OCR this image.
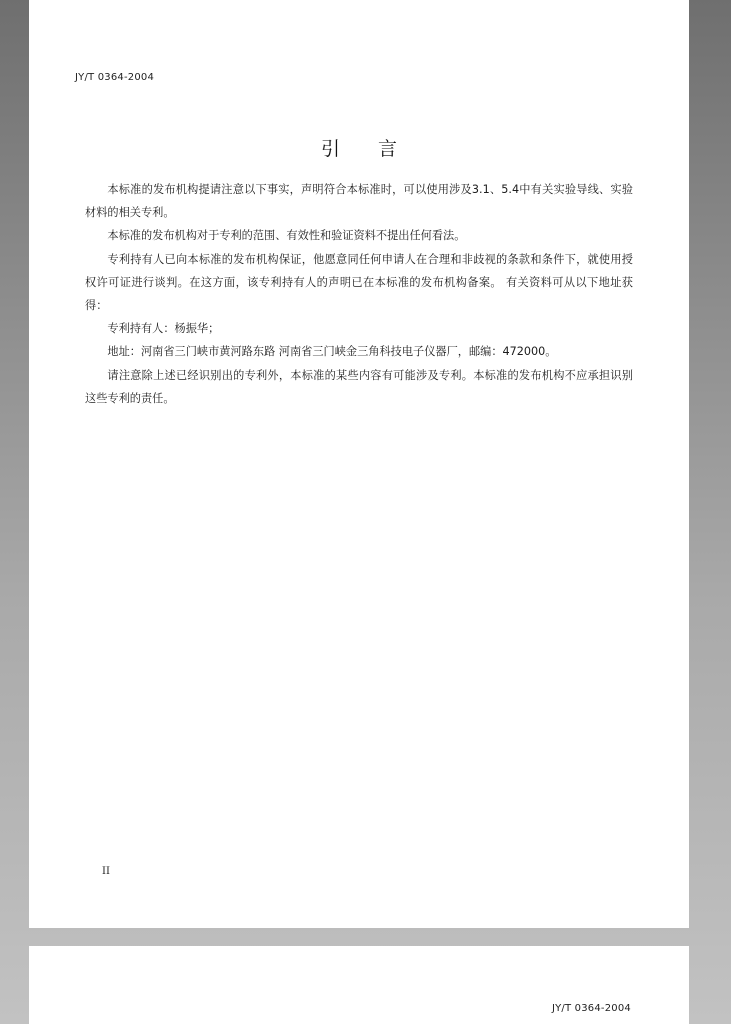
JY/T 0364-2004
引 言

本标准的发布机构提请注意以下事实，声明符合本标准时，可以使用涉及3.1、5.4中有关实验导线、实验材料的相关专利。

本标准的发布机构对于专利的范围、有效性和验证资料不提出任何看法。

专利持有人已向本标准的发布机构保证，他愿意同任何申请人在合理和非歧视的条款和条件下，就使用授权许可证进行谈判。在这方面，该专利持有人的声明已在本标准的发布机构备案。 有关资料可从以下地址获得：

专利持有人：杨振华；

地址：河南省三门峡市黄河路东路 河南省三门峡金三角科技电子仪器厂，邮编：472000。

请注意除上述已经识别出的专利外，本标准的某些内容有可能涉及专利。本标准的发布机构不应承担识别这些专利的责任。

II
JY/T 0364-2004
